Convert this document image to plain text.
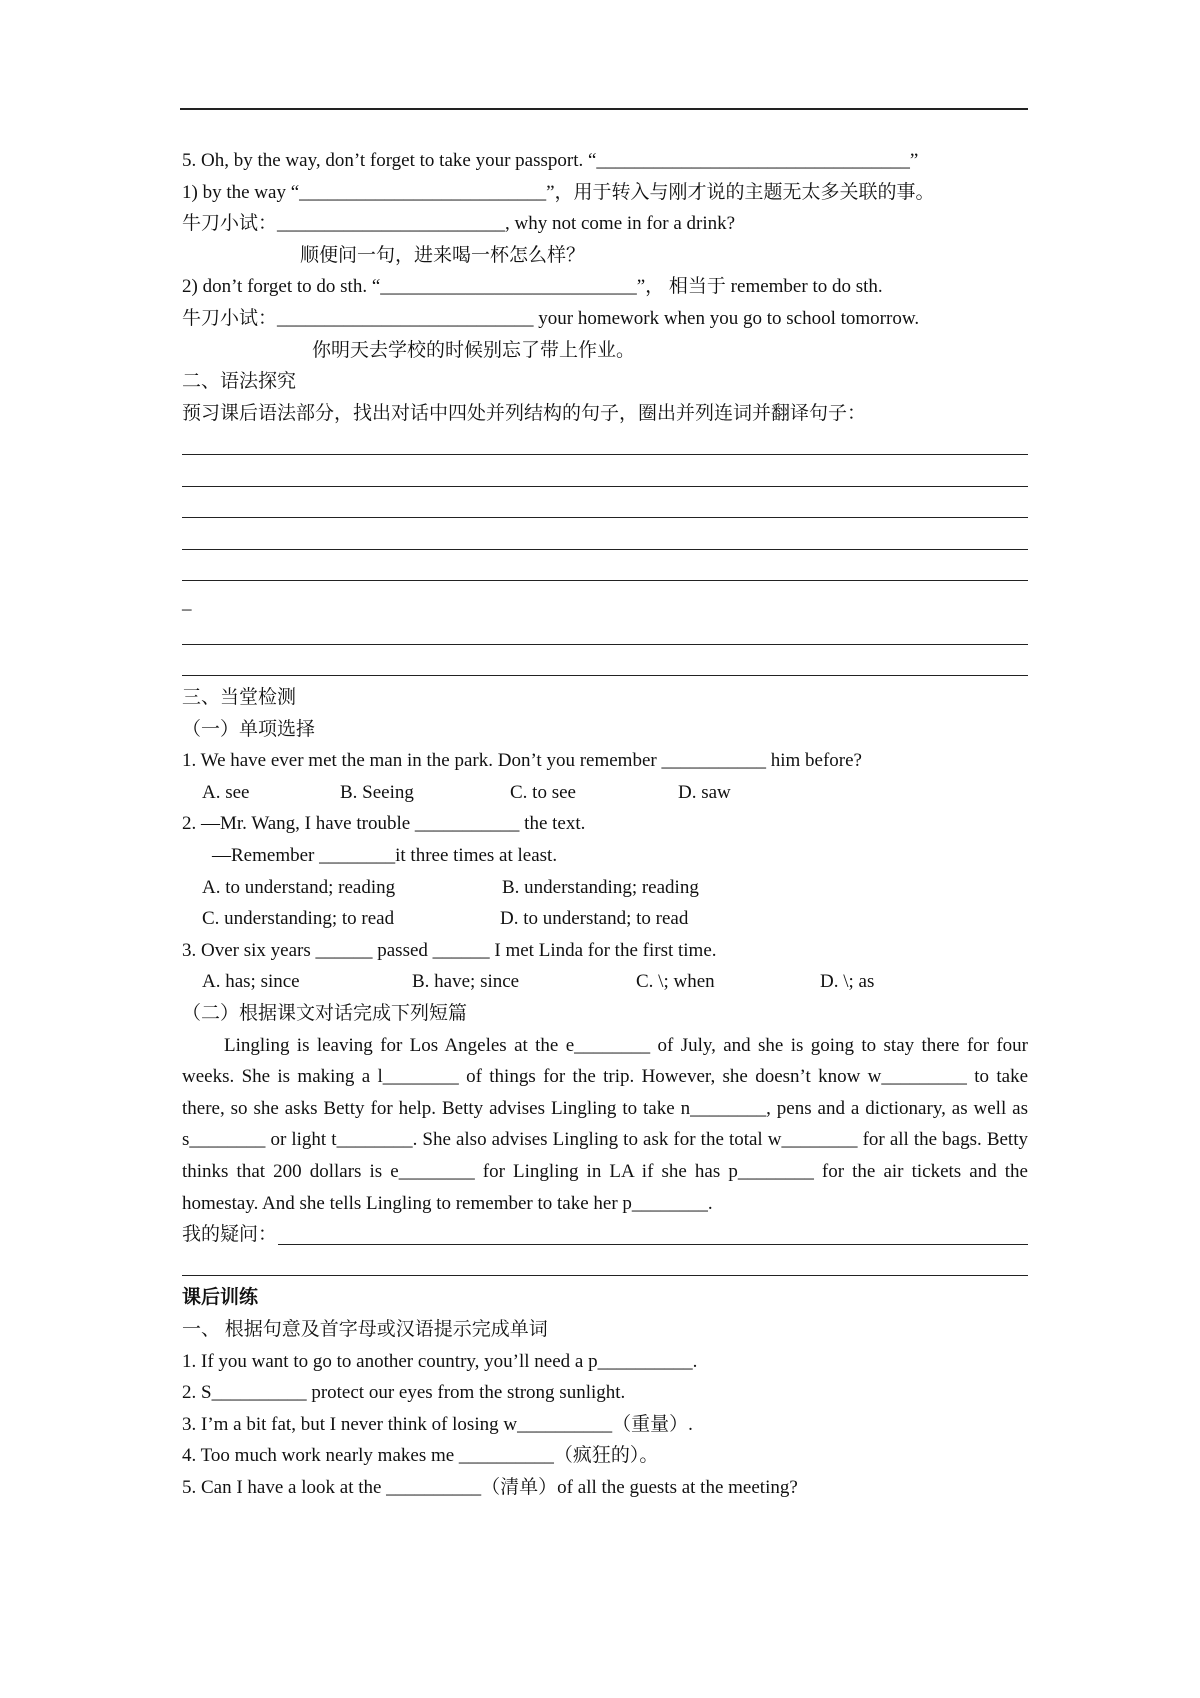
5. Oh, by the way, don’t forget to take your passport. “_________________________________”
1) by the way “__________________________”，用于转入与刚才说的主题无太多关联的事。
牛刀小试：________________________, why not come in for a drink?
顺便问一句，进来喝一杯怎么样？
2) don’t forget to do sth. “___________________________”， 相当于 remember to do sth.
牛刀小试：___________________________ your homework when you go to school tomorrow.
你明天去学校的时候别忘了带上作业。
二、语法探究
预习课后语法部分，找出对话中四处并列结构的句子，圈出并列连词并翻译句子：
_
三、当堂检测
（一）单项选择
1. We have ever met the man in the park. Don’t you remember ___________ him before?
A. see	B. Seeing	C. to see	D. saw
2. —Mr. Wang, I have trouble ___________ the text.
—Remember ________it three times at least.
A. to understand; reading	B. understanding; reading
C. understanding; to read	D. to understand; to read
3. Over six years ______ passed ______ I met Linda for the first time.
A. has; since	B. have; since	C. \; when	D. \; as
（二）根据课文对话完成下列短篇
Lingling is leaving for Los Angeles at the e________ of July, and she is going to stay there for four weeks. She is making a l________ of things for the trip. However, she doesn’t know w_________ to take there, so she asks Betty for help. Betty advises Lingling to take n________, pens and a dictionary, as well as s________ or light t________. She also advises Lingling to ask for the total w________ for all the bags. Betty thinks that 200 dollars is e________ for Lingling in LA if she has p________ for the air tickets and the homestay. And she tells Lingling to remember to take her p________.
我的疑问：
课后训练
一、 根据句意及首字母或汉语提示完成单词
1. If you want to go to another country, you’ll need a p__________.
2. S__________ protect our eyes from the strong sunlight.
3. I’m a bit fat, but I never think of losing w__________（重量）.
4. Too much work nearly makes me __________（疯狂的）。
5. Can I have a look at the __________（清单）of all the guests at the meeting?
